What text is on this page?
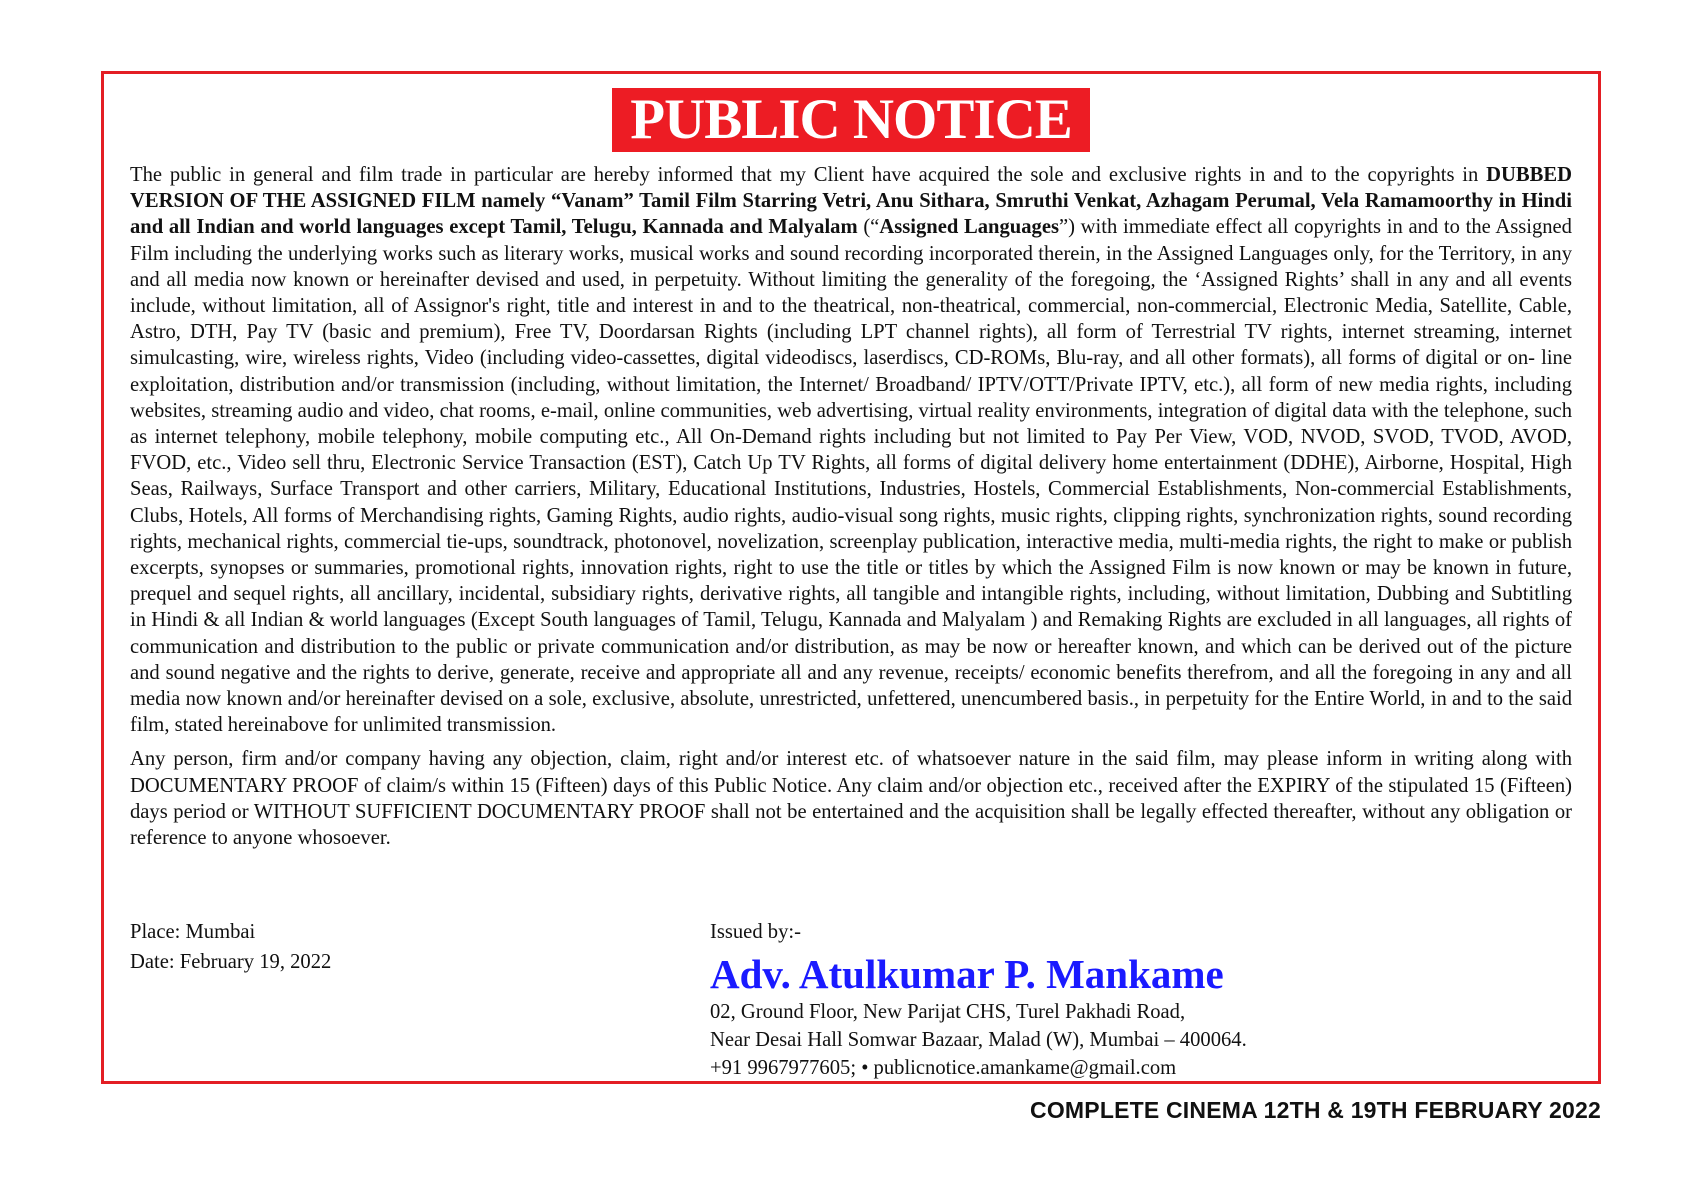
PUBLIC NOTICE

The public in general and film trade in particular are hereby informed that my Client have acquired the sole and exclusive rights in and to the copyrights in DUBBED VERSION OF THE ASSIGNED FILM namely “Vanam” Tamil Film Starring Vetri, Anu Sithara, Smruthi Venkat, Azhagam Perumal, Vela Ramamoorthy in Hindi and all Indian and world languages except Tamil, Telugu, Kannada and Malyalam (“Assigned Languages”) with immediate effect all copyrights in and to the Assigned Film including the underlying works such as literary works, musical works and sound recording incorporated therein, in the Assigned Languages only, for the Territory, in any and all media now known or hereinafter devised and used, in perpetuity. Without limiting the generality of the foregoing, the ‘Assigned Rights’ shall in any and all events include, without limitation, all of Assignor's right, title and interest in and to the theatrical, non-theatrical, commercial, non-commercial, Electronic Media, Satellite, Cable, Astro, DTH, Pay TV (basic and premium), Free TV, Doordarsan Rights (including LPT channel rights), all form of Terrestrial TV rights, internet streaming, internet simulcasting, wire, wireless rights, Video (including video-cassettes, digital videodiscs, laserdiscs, CD-ROMs, Blu-ray, and all other formats), all forms of digital or on- line exploitation, distribution and/or transmission (including, without limitation, the Internet/ Broadband/ IPTV/OTT/Private IPTV, etc.), all form of new media rights, including websites, streaming audio and video, chat rooms, e-mail, online communities, web advertising, virtual reality environments, integration of digital data with the telephone, such as internet telephony, mobile telephony, mobile computing etc., All On-Demand rights including but not limited to Pay Per View, VOD, NVOD, SVOD, TVOD, AVOD, FVOD, etc., Video sell thru, Electronic Service Transaction (EST), Catch Up TV Rights, all forms of digital delivery home entertainment (DDHE), Airborne, Hospital, High Seas, Railways, Surface Transport and other carriers, Military, Educational Institutions, Industries, Hostels, Commercial Establishments, Non-commercial Establishments, Clubs, Hotels, All forms of Merchandising rights, Gaming Rights, audio rights, audio-visual song rights, music rights, clipping rights, synchronization rights, sound recording rights, mechanical rights, commercial tie-ups, soundtrack, photonovel, novelization, screenplay publication, interactive media, multi-media rights, the right to make or publish excerpts, synopses or summaries, promotional rights, innovation rights, right to use the title or titles by which the Assigned Film is now known or may be known in future, prequel and sequel rights, all ancillary, incidental, subsidiary rights, derivative rights, all tangible and intangible rights, including, without limitation, Dubbing and Subtitling in Hindi & all Indian & world languages (Except South languages of Tamil, Telugu, Kannada and Malyalam ) and Remaking Rights are excluded in all languages, all rights of communication and distribution to the public or private communication and/or distribution, as may be now or hereafter known, and which can be derived out of the picture and sound negative and the rights to derive, generate, receive and appropriate all and any revenue, receipts/ economic benefits therefrom, and all the foregoing in any and all media now known and/or hereinafter devised on a sole, exclusive, absolute, unrestricted, unfettered, unencumbered basis., in perpetuity for the Entire World, in and to the said film, stated hereinabove for unlimited transmission.

Any person, firm and/or company having any objection, claim, right and/or interest etc. of whatsoever nature in the said film, may please inform in writing along with DOCUMENTARY PROOF of claim/s within 15 (Fifteen) days of this Public Notice. Any claim and/or objection etc., received after the EXPIRY of the stipulated 15 (Fifteen) days period or WITHOUT SUFFICIENT DOCUMENTARY PROOF shall not be entertained and the acquisition shall be legally effected thereafter, without any obligation or reference to anyone whosoever.

Place: Mumbai
Date: February 19, 2022
Issued by:-
Adv. Atulkumar P. Mankame
02, Ground Floor, New Parijat CHS, Turel Pakhadi Road,
Near Desai Hall Somwar Bazaar, Malad (W), Mumbai – 400064.
+91 9967977605; • publicnotice.amankame@gmail.com
COMPLETE CINEMA 12TH & 19TH FEBRUARY 2022
